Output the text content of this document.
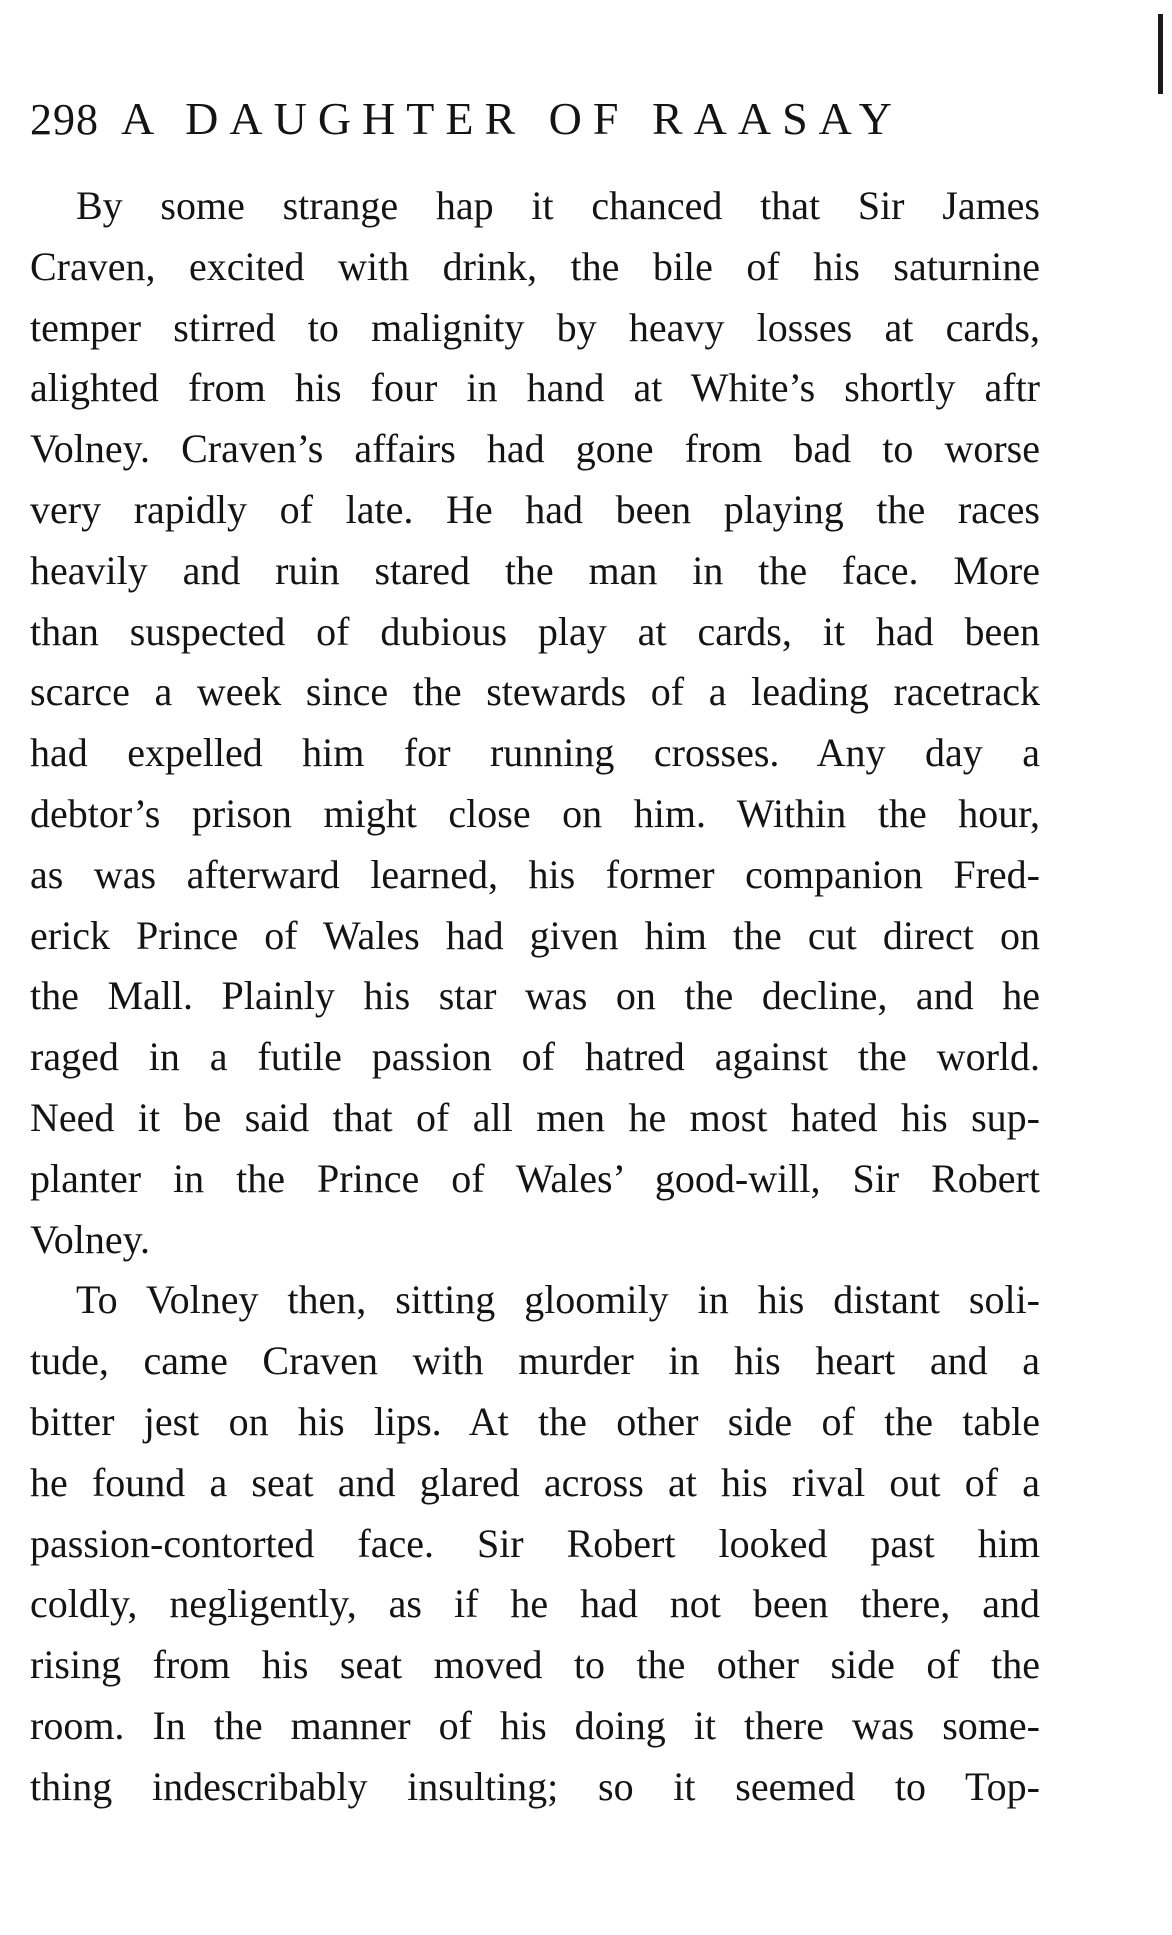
298 A DAUGHTER OF RAASAY
By some strange hap it chanced that Sir James
Craven, excited with drink, the bile of his saturnine
temper stirred to malignity by heavy losses at cards,
alighted from his four in hand at White’s shortly aftr
Volney. Craven’s affairs had gone from bad to worse
very rapidly of late. He had been playing the races
heavily and ruin stared the man in the face. More
than suspected of dubious play at cards, it had been
scarce a week since the stewards of a leading racetrack
had expelled him for running crosses. Any day a
debtor’s prison might close on him. Within the hour,
as was afterward learned, his former companion Fred-
erick Prince of Wales had given him the cut direct on
the Mall. Plainly his star was on the decline, and he
raged in a futile passion of hatred against the world.
Need it be said that of all men he most hated his sup-
planter in the Prince of Wales’ good-will, Sir Robert
Volney.
To Volney then, sitting gloomily in his distant soli-
tude, came Craven with murder in his heart and a
bitter jest on his lips. At the other side of the table
he found a seat and glared across at his rival out of a
passion-contorted face. Sir Robert looked past him
coldly, negligently, as if he had not been there, and
rising from his seat moved to the other side of the
room. In the manner of his doing it there was some-
thing indescribably insulting; so it seemed to Top-
